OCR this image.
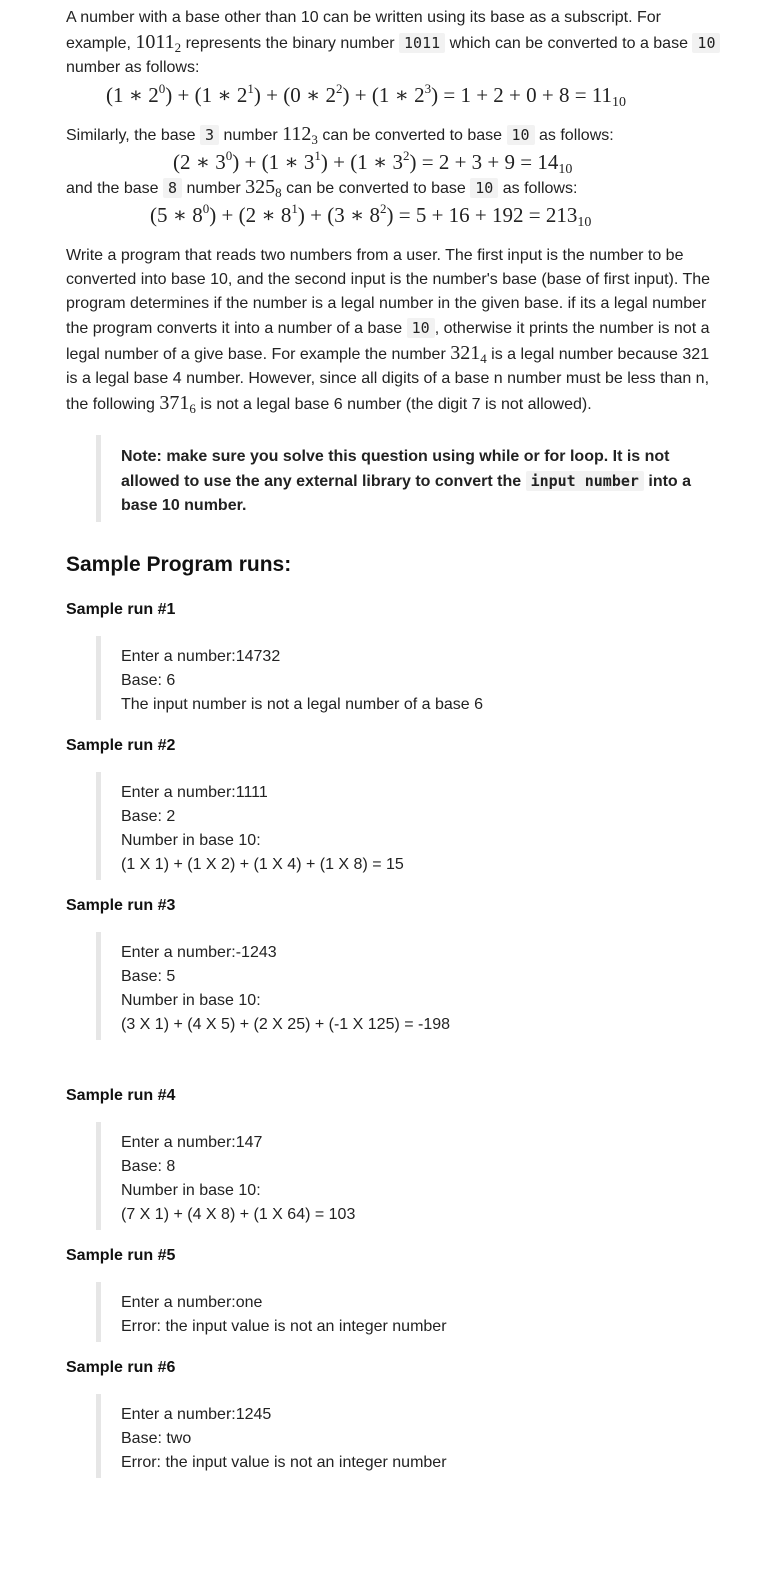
A number with a base other than 10 can be written using its base as a subscript. For example, $1011_2$ represents the binary number 1011 which can be converted to a base 10 number as follows:

(1 ∗ $2^0) + (1$ ∗ $2^1) + (0$ ∗ $2^2) + (1$ ∗ $2^3) = 1 + 2 + 0 + 8 = 11_{10}$

Similarly, the base 3 number $112_3$ can be converted to base 10 as follows:

(2 ∗ $3^0) + (1$ ∗ $3^1) + (1$ ∗ $3^2) = 2 + 3 + 9 = 14_{10}$

and the base 8 number $325_8$ can be converted to base 10 as follows:

(5 ∗ $8^0) + (2$ ∗ $8^1) + (3$ ∗ $8^2) = 5 + 16 + 192 = 213_{10}$

Write a program that reads two numbers from a user. The first input is the number to be converted into base 10, and the second input is the number's base (base of first input). The program determines if the number is a legal number in the given base. if its a legal number the program converts it into a number of a base 10 , otherwise it prints the number is not a legal number of a give base. For example the number $321_4$ is a legal number because 321 is a legal base 4 number. However, since all digits of a base n number must be less than n, the following $371_6$ is not a legal base 6 number (the digit 7 is not allowed).

Note: make sure you solve this question using while or for loop. It is not allowed to use the any external library to convert the input number into a base 10 number.

Sample Program runs:
Sample run #1

Enter a number:14732

Base: 6

The input number is not a legal number of a base 6

Sample run #2

Enter a number:1111

Base: 2

Number in base 10:

(1 X 1) + (1 X 2) + (1 X 4) + (1 X 8) = 15

Sample run #3

Enter a number:-1243

Base: 5

Number in base 10:

(3 X 1) + (4 X 5) + (2 X 25) + (-1 X 125) = -198

Sample run #4

Enter a number:147

Base: 8

Number in base 10:

(7 X 1) + (4 X 8) + (1 X 64) = 103

Sample run #5

Enter a number:one

Error: the input value is not an integer number

Sample run #6

Enter a number:1245

Base: two

Error: the input value is not an integer number
